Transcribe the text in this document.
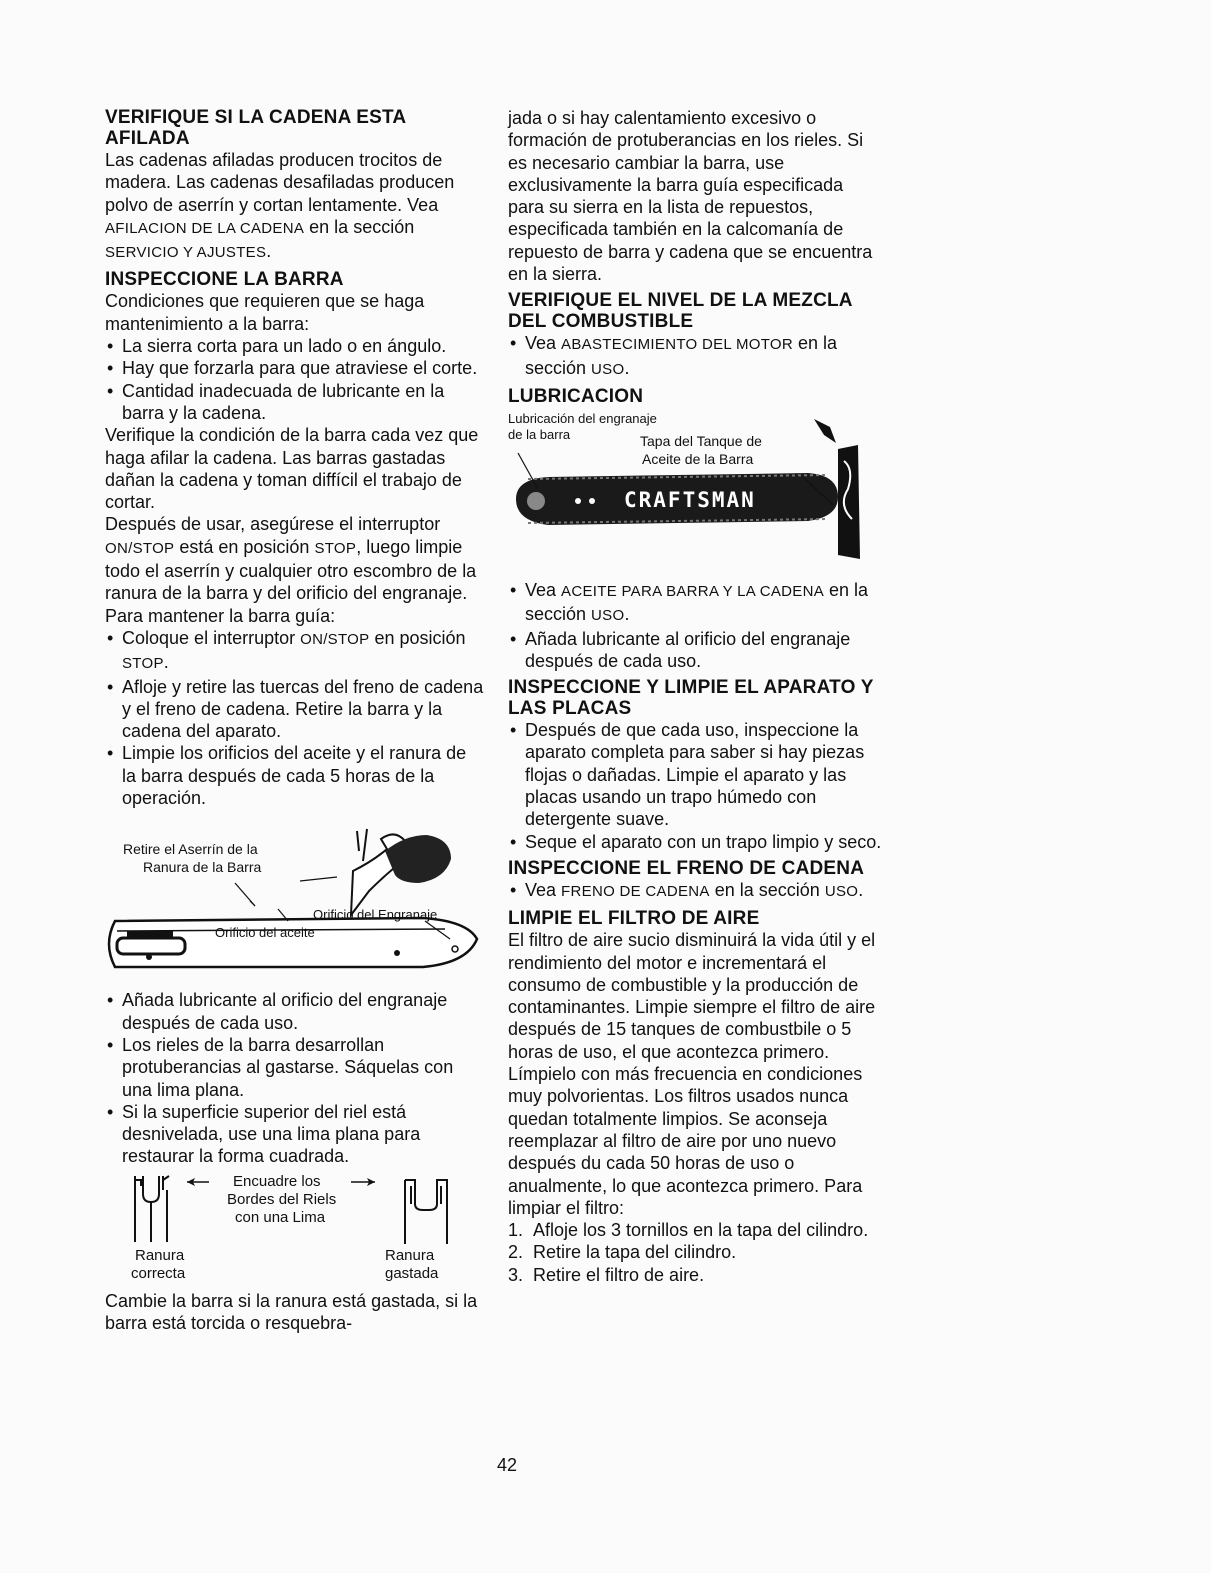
VERIFIQUE SI LA CADENA ESTA AFILADA

Las cadenas afiladas producen trocitos de madera. Las cadenas desafiladas producen polvo de aserrín y cortan lentamente. Vea AFILACION DE LA CADENA en la sección SERVICIO Y AJUSTES.

INSPECCIONE LA BARRA

Condiciones que requieren que se haga mantenimiento a la barra:

• La sierra corta para un lado o en ángulo.
• Hay que forzarla para que atraviese el corte.
• Cantidad inadecuada de lubricante en la barra y la cadena.

Verifique la condición de la barra cada vez que haga afilar la cadena. Las barras gastadas dañan la cadena y toman diffícil el trabajo de cortar.

Después de usar, asegúrese el interruptor ON/STOP está en posición STOP, luego limpie todo el aserrín y cualquier otro escombro de la ranura de la barra y del orificio del engranaje.

Para mantener la barra guía:

• Coloque el interruptor ON/STOP en posición STOP.
• Afloje y retire las tuercas del freno de cadena y el freno de cadena. Retire la barra y la cadena del aparato.
• Limpie los orificios del aceite y el ranura de la barra después de cada 5 horas de la operación.
Retire el Aserrín de la
Ranura de la Barra
Orificio del Engranaje
Orificio del aceite
• Añada lubricante al orificio del engranaje después de cada uso.
• Los rieles de la barra desarrollan protuberancias al gastarse. Sáquelas con una lima plana.
• Si la superficie superior del riel está desnivelada, use una lima plana para restaurar la forma cuadrada.
Encuadre los
Bordes del Riels
con una Lima
Ranura
correcta
Ranura
gastada

Cambie la barra si la ranura está gastada, si la barra está torcida o resquebra-

jada o si hay calentamiento excesivo o formación de protuberancias en los rieles. Si es necesario cambiar la barra, use exclusivamente la barra guía especificada para su sierra en la lista de repuestos, especificada también en la calcomanía de repuesto de barra y cadena que se encuentra en la sierra.

VERIFIQUE EL NIVEL DE LA MEZCLA DEL COMBUSTIBLE
• Vea ABASTECIMIENTO DEL MOTOR en la sección USO.
LUBRICACION
Lubricación del engranaje
de la barra	Tapa del Tanque de
Aceite de la Barra
CRAFTSMAN
• Vea ACEITE PARA BARRA Y LA CADENA en la sección USO.
• Añada lubricante al orificio del engranaje después de cada uso.
INSPECCIONE Y LIMPIE EL APARATO Y LAS PLACAS
• Después de que cada uso, inspeccione la aparato completa para saber si hay piezas flojas o dañadas. Limpie el aparato y las placas usando un trapo húmedo con detergente suave.
• Seque el aparato con un trapo limpio y seco.
INSPECCIONE EL FRENO DE CADENA
• Vea FRENO DE CADENA en la sección USO.
LIMPIE EL FILTRO DE AIRE

El filtro de aire sucio disminuirá la vida útil y el rendimiento del motor e incrementará el consumo de combustible y la producción de contaminantes. Limpie siempre el filtro de aire después de 15 tanques de combustbile o 5 horas de uso, el que acontezca primero. Límpielo con más frecuencia en condiciones muy polvorientas. Los filtros usados nunca quedan totalmente limpios. Se aconseja reemplazar al filtro de aire por uno nuevo después du cada 50 horas de uso o anualmente, lo que acontezca primero. Para limpiar el filtro:

1. Afloje los 3 tornillos en la tapa del cilindro.
2. Retire la tapa del cilindro.
3. Retire el filtro de aire.
42
